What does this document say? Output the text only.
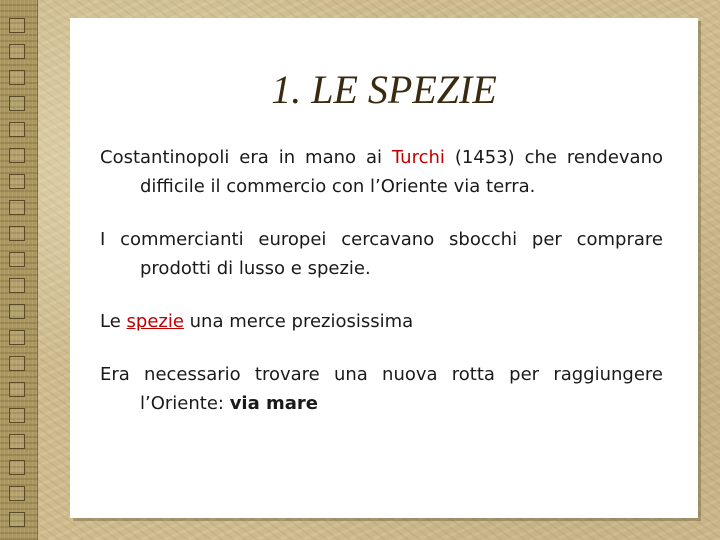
1. LE SPEZIE

Costantinopoli era in mano ai Turchi (1453) che rendevano difficile il commercio con l’Oriente via terra.

I commercianti europei cercavano sbocchi per comprare prodotti di lusso e spezie.

Le spezie una merce preziosissima

Era necessario trovare una nuova rotta per raggiungere l’Oriente: via mare
